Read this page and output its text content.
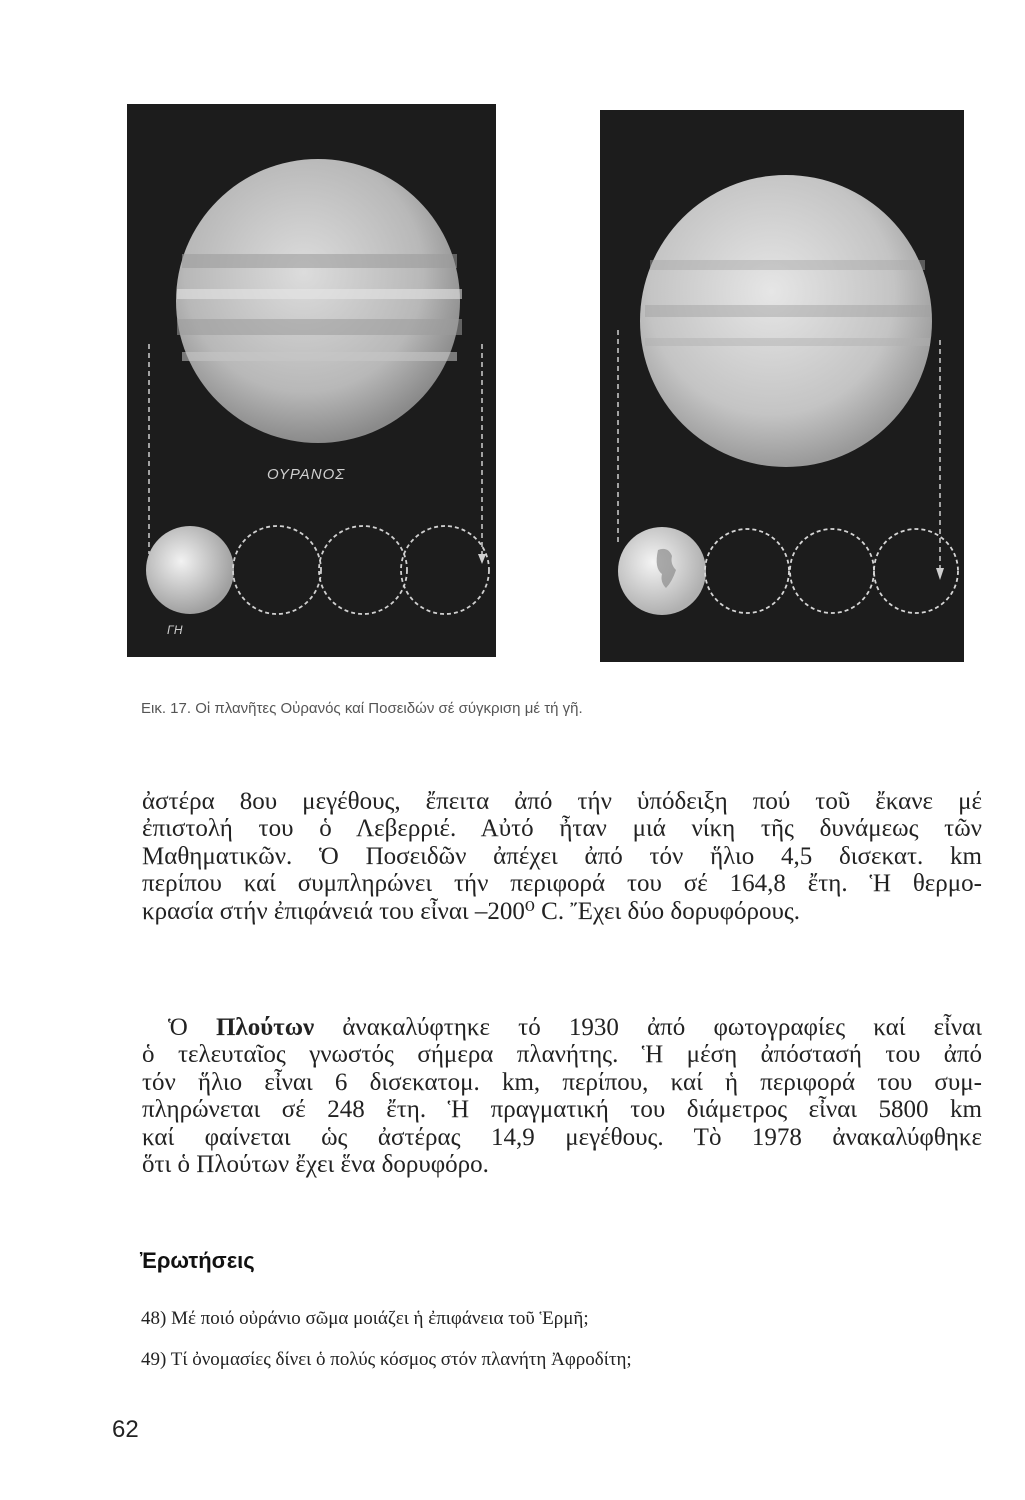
ΟΥΡΑΝΟΣ
ΓΗ
Εικ. 17. Οἱ πλανῆτες Οὐρανός καί Ποσειδών σέ σύγκριση μέ τή γῆ.

ἀστέρα 8ου μεγέθους, ἔπειτα ἀπό τήν ὑπόδειξη πού τοῦ ἔκανε μέ
ἐπιστολή του ὁ Λεβερριέ. Αὐτό ἦταν μιά νίκη τῆς δυνάμεως τῶν
Μαθηματικῶν. Ὁ Ποσειδῶν ἀπέχει ἀπό τόν ἥλιο 4,5 δισεκατ. km
περίπου καί συμπληρώνει τήν περιφορά του σέ 164,8 ἔτη. Ἡ θερμο-
κρασία στήν ἐπιφάνειά του εἶναι –200⁰ C. Ἔχει δύο δορυφόρους.

Ὁ Πλούτων ἀνακαλύφτηκε τό 1930 ἀπό φωτογραφίες καί εἶναι
ὁ τελευταῖος γνωστός σήμερα πλανήτης. Ἡ μέση ἀπόστασή του ἀπό
τόν ἥλιο εἶναι 6 δισεκατομ. km, περίπου, καί ἡ περιφορά του συμ-
πληρώνεται σέ 248 ἔτη. Ἡ πραγματική του διάμετρος εἶναι 5800 km
καί φαίνεται ὡς ἀστέρας 14,9 μεγέθους. Τὸ 1978 ἀνακαλύφθηκε
ὅτι ὁ Πλούτων ἔχει ἕνα δορυφόρο.

Ἐρωτήσεις

48) Μέ ποιό οὐράνιο σῶμα μοιάζει ἡ ἐπιφάνεια τοῦ Ἑρμῆ;

49) Τί ὀνομασίες δίνει ὁ πολύς κόσμος στόν πλανήτη Ἀφροδίτη;

62
